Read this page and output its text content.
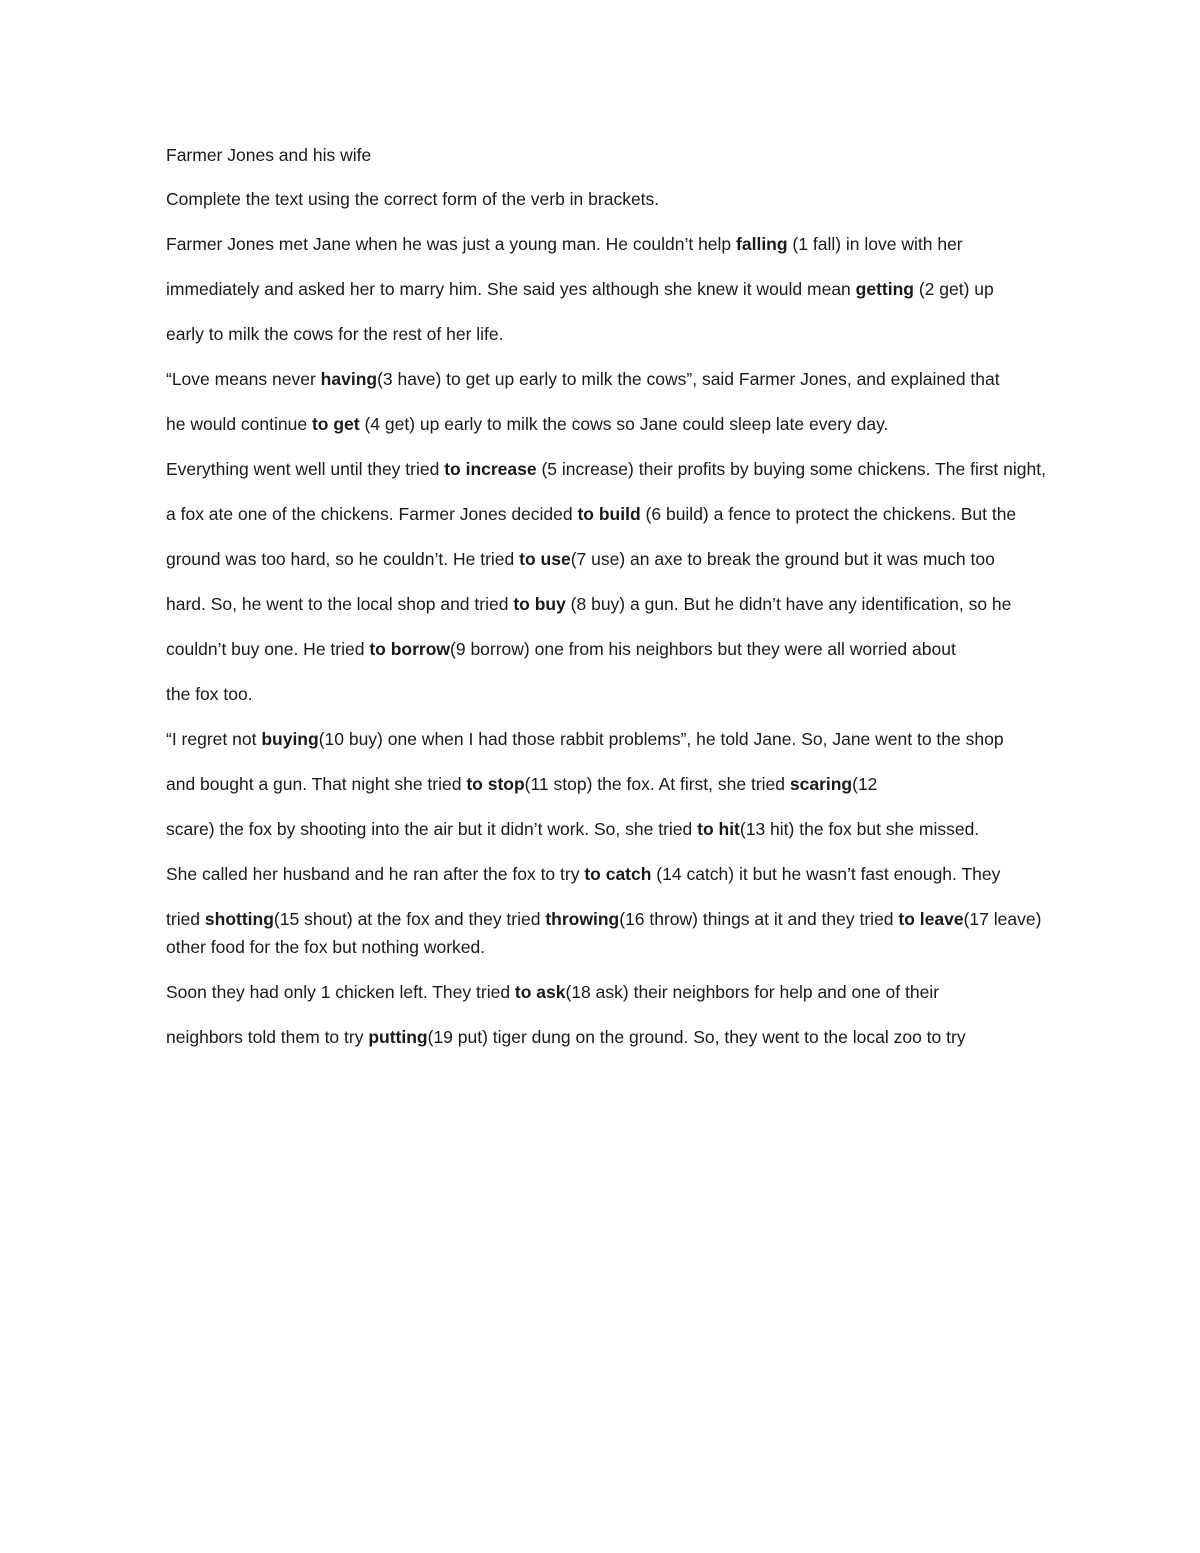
Farmer Jones and his wife

Complete the text using the correct form of the verb in brackets.

Farmer Jones met Jane when he was just a young man. He couldn’t help falling (1 fall) in love with her

immediately and asked her to marry him. She said yes although she knew it would mean getting (2 get) up

early to milk the cows for the rest of her life.

“Love means never having(3 have) to get up early to milk the cows”, said Farmer Jones, and explained that

he would continue to get (4 get) up early to milk the cows so Jane could sleep late every day.

Everything went well until they tried to increase (5 increase) their profits by buying some chickens. The first night,

a fox ate one of the chickens. Farmer Jones decided to build (6 build) a fence to protect the chickens. But the

ground was too hard, so he couldn’t. He tried to use(7 use) an axe to break the ground but it was much too

hard. So, he went to the local shop and tried to buy (8 buy) a gun. But he didn’t have any identification, so he

couldn’t buy one. He tried to borrow(9 borrow) one from his neighbors but they were all worried about

the fox too.

“I regret not buying(10 buy) one when I had those rabbit problems”, he told Jane. So, Jane went to the shop

and bought a gun. That night she tried to stop(11 stop) the fox. At first, she tried scaring(12

scare) the fox by shooting into the air but it didn’t work. So, she tried to hit(13 hit) the fox but she missed.

She called her husband and he ran after the fox to try to catch (14 catch) it but he wasn’t fast enough. They

tried shotting(15 shout) at the fox and they tried throwing(16 throw) things at it and they tried to leave(17 leave) other food for the fox but nothing worked.

Soon they had only 1 chicken left. They tried to ask(18 ask) their neighbors for help and one of their

neighbors told them to try putting(19 put) tiger dung on the ground. So, they went to the local zoo to try
